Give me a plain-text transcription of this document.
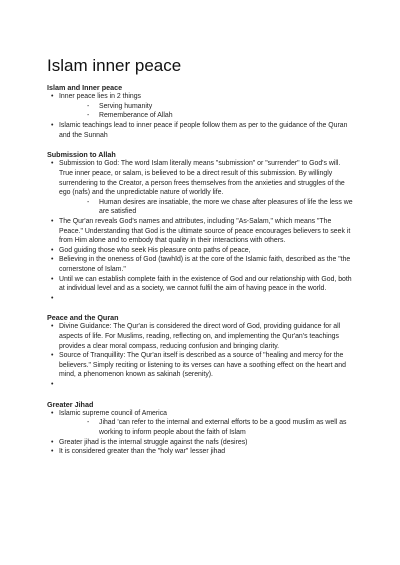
Islam inner peace
Islam and Inner peace
• Inner peace lies in 2 things
- Serving humanity
- Rememberance of Allah
• Islamic teachings lead to inner peace if people follow them as per to the guidance of the Quran and the Sunnah
Submission to Allah
• Submission to God: The word Islam literally means "submission" or "surrender" to God's will. True inner peace, or salam, is believed to be a direct result of this submission. By willingly surrendering to the Creator, a person frees themselves from the anxieties and struggles of the ego (nafs) and the unpredictable nature of worldly life.
- Human desires are insatiable, the more we chase after pleasures of life the less we are satisfied
• The Qur'an reveals God's names and attributes, including "As-Salam," which means "The Peace." Understanding that God is the ultimate source of peace encourages believers to seek it from Him alone and to embody that quality in their interactions with others.
• God guiding those who seek His pleasure onto paths of peace,
• Believing in the oneness of God (tawhīd) is at the core of the Islamic faith, described as the "the cornerstone of Islam."
• Until we can establish complete faith in the existence of God and our relationship with God, both at individual level and as a society, we cannot fulfil the aim of having peace in the world.
•
Peace and the Quran
• Divine Guidance: The Qur'an is considered the direct word of God, providing guidance for all aspects of life. For Muslims, reading, reflecting on, and implementing the Qur'an's teachings provides a clear moral compass, reducing confusion and bringing clarity.
• Source of Tranquillity: The Qur'an itself is described as a source of "healing and mercy for the believers." Simply reciting or listening to its verses can have a soothing effect on the heart and mind, a phenomenon known as sakinah (serenity).
•
Greater Jihad
• Islamic supreme council of America
- Jihad 'can refer to the internal and external efforts to be a good muslim as well as working to inform people about the faith of Islam
• Greater jihad is the internal struggle against the nafs (desires)
• It is considered greater than the "holy war" lesser jihad
